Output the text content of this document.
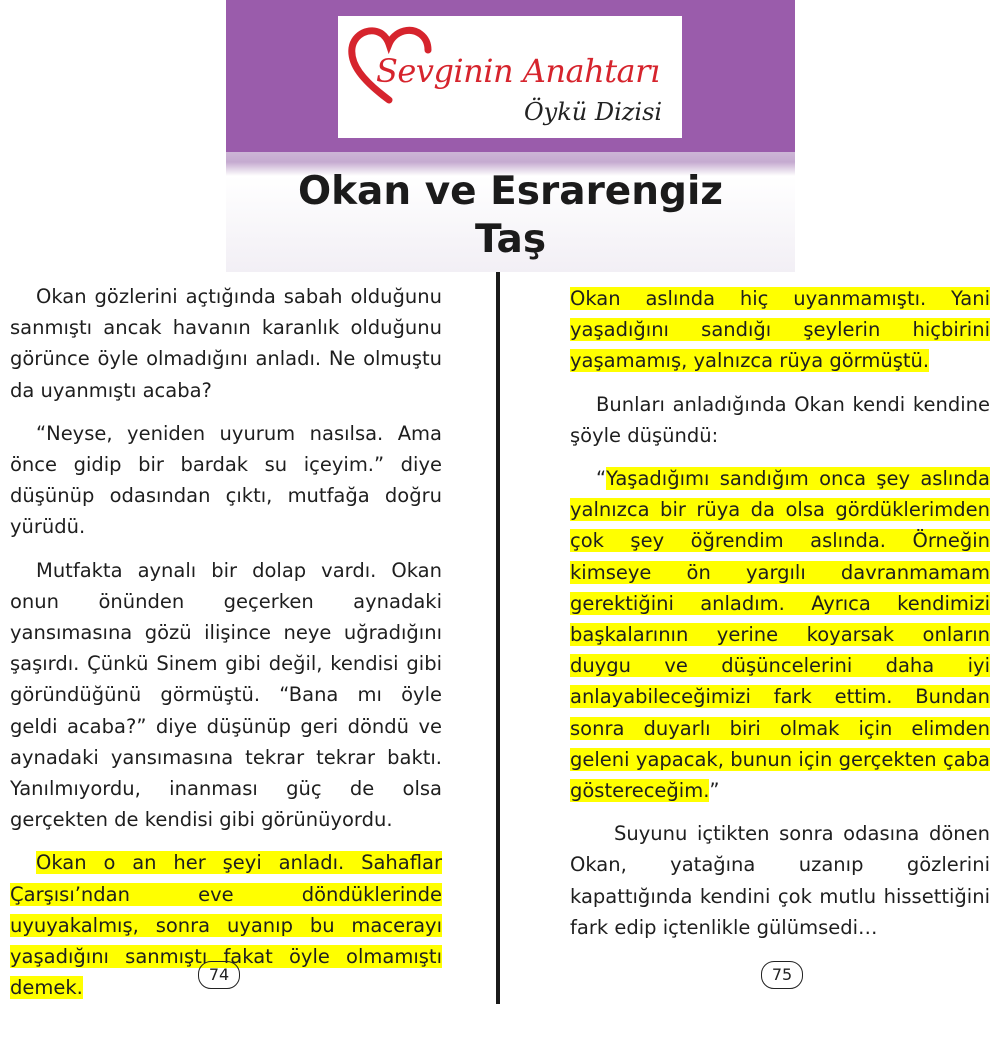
Sevginin Anahtarı
Öykü Dizisi
Okan ve Esrarengiz
Taş

Okan gözlerini açtığında sabah olduğunu sanmıştı ancak havanın karanlık olduğunu görünce öyle olmadığını anladı. Ne olmuştu da uyanmıştı acaba?

“Neyse, yeniden uyurum nasılsa. Ama önce gidip bir bardak su içeyim.” diye düşünüp odasından çıktı, mutfağa doğru yürüdü.

Mutfakta aynalı bir dolap vardı. Okan onun önünden geçerken aynadaki yansımasına gözü ilişince neye uğradığını şaşırdı. Çünkü Sinem gibi değil, kendisi gibi göründüğünü görmüştü. “Bana mı öyle geldi acaba?” diye düşünüp geri döndü ve aynadaki yansımasına tekrar tekrar baktı. Yanılmıyordu, inanması güç de olsa gerçekten de kendisi gibi görünüyordu.

Okan o an her şeyi anladı. Sahaflar Çarşısı’ndan eve döndüklerinde uyuyakalmış, sonra uyanıp bu macerayı yaşadığını sanmıştı fakat öyle olmamıştı demek.

Okan aslında hiç uyanmamıştı. Yani yaşadığını sandığı şeylerin hiçbirini yaşamamış, yalnızca rüya görmüştü.

Bunları anladığında Okan kendi kendine şöyle düşündü:

“Yaşadığımı sandığım onca şey aslında yalnızca bir rüya da olsa gördüklerimden çok şey öğrendim aslında. Örneğin kimseye ön yargılı davranmamam gerektiğini anladım. Ayrıca kendimizi başkalarının yerine koyarsak onların duygu ve düşüncelerini daha iyi anlayabileceğimizi fark ettim. Bundan sonra duyarlı biri olmak için elimden geleni yapacak, bunun için gerçekten çaba göstereceğim.”

Suyunu içtikten sonra odasına dönen Okan, yatağına uzanıp gözlerini kapattığında kendini çok mutlu hissettiğini fark edip içtenlikle gülümsedi…

74	75
